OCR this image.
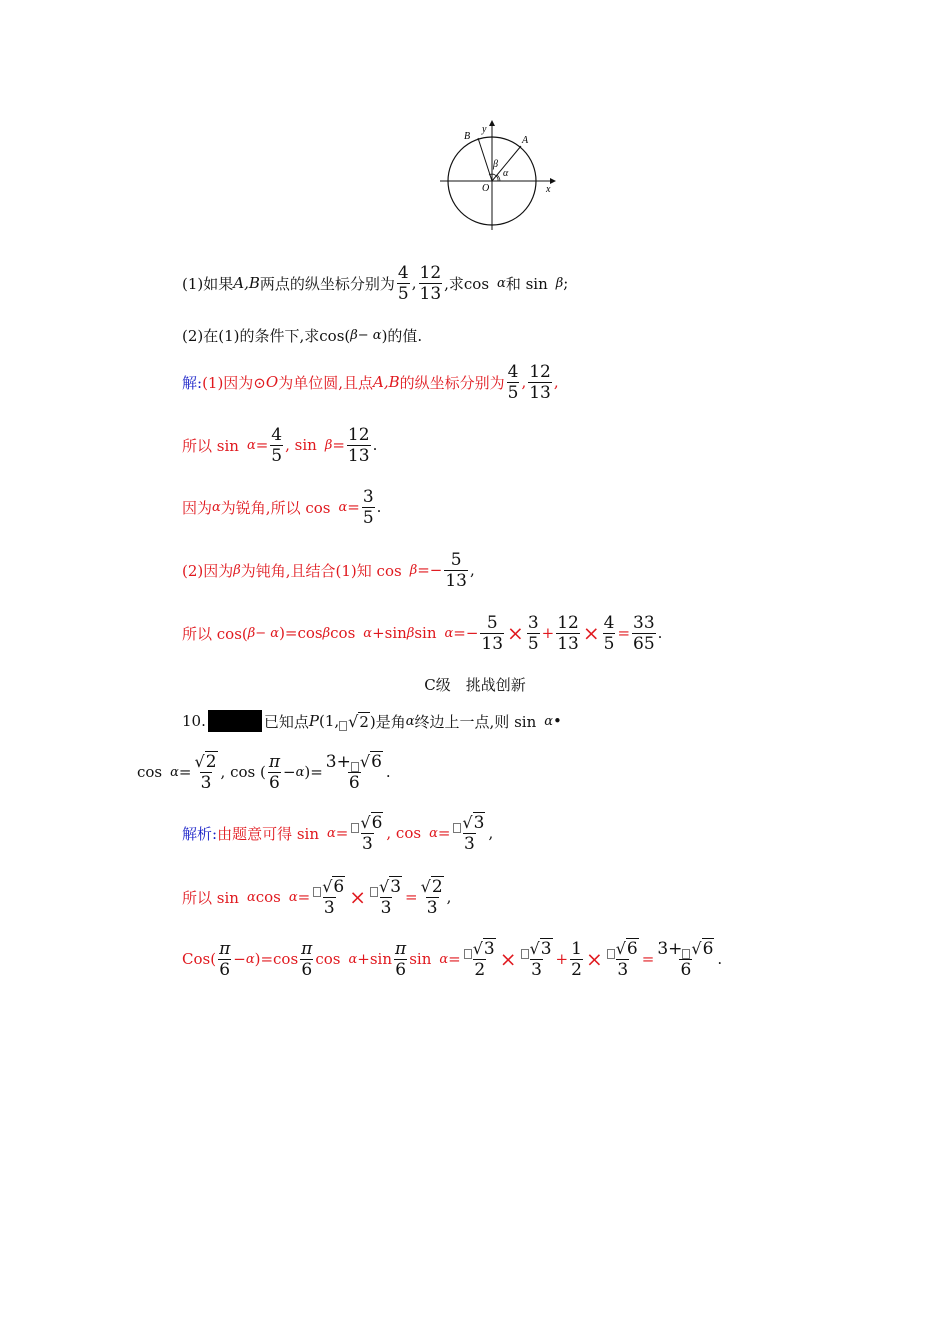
y
x
O
A
B
α
β
(1)如果 A,B 两点的纵坐标分别为 $\frac{4}{5}$ , $\frac{12}{13}$ ,求cos α 和 sin β ;
(2)在(1)的条件下,求cos( β− α )的值.
解: (1)因为⊙ O 为单位圆,且点 A,B 的纵坐标分别为 $\frac{4}{5}$ , $\frac{12}{13}$ ,
所以 $\sin \alpha = \frac{4}{5}$ , $\sin \beta = \frac{12}{13}$ .
因为 α 为锐角,所以 $\cos \alpha = \frac{3}{5}$ .
(2)因为 β 为钝角,且结合(1)知 $\cos \beta =- \frac{5}{13}$ ,
所以 cos( β− α )=cos β cos α +sin β $\sin \alpha =- \frac{5}{13} \times \frac{3}{5} + \frac{12}{13} \times \frac{4}{5} = \frac{33}{65}$ .
C级　挑战创新
10.	已知点 P (1, √ 2 )是角 α 终边上一点,则 sin α •
$\cos \alpha = \frac{√ 2}{3}$ , cos ( $\frac{\pi}{6} - \alpha$ )= $\frac{3+ √ 6}{6}$ .
解析: 由题意可得 $\sin \alpha = \frac{√ 6}{3}$ , $\cos \alpha = \frac{√ 3}{3}$ ,
所以 sin α $\cos \alpha = \frac{√ 6}{3} \times \frac{√ 3}{3} = \frac{√ 2}{3}$ ,
$Cos( \frac{\pi}{6} - \alpha$ )$=\cos \frac{\pi}{6}$ $\cos \alpha +\sin \frac{\pi}{6}$ $\sin \alpha = \frac{√ 3}{2} \times \frac{√ 3}{3} + \frac{1}{2} \times \frac{√ 6}{3} = \frac{3+ √ 6}{6}$ .
